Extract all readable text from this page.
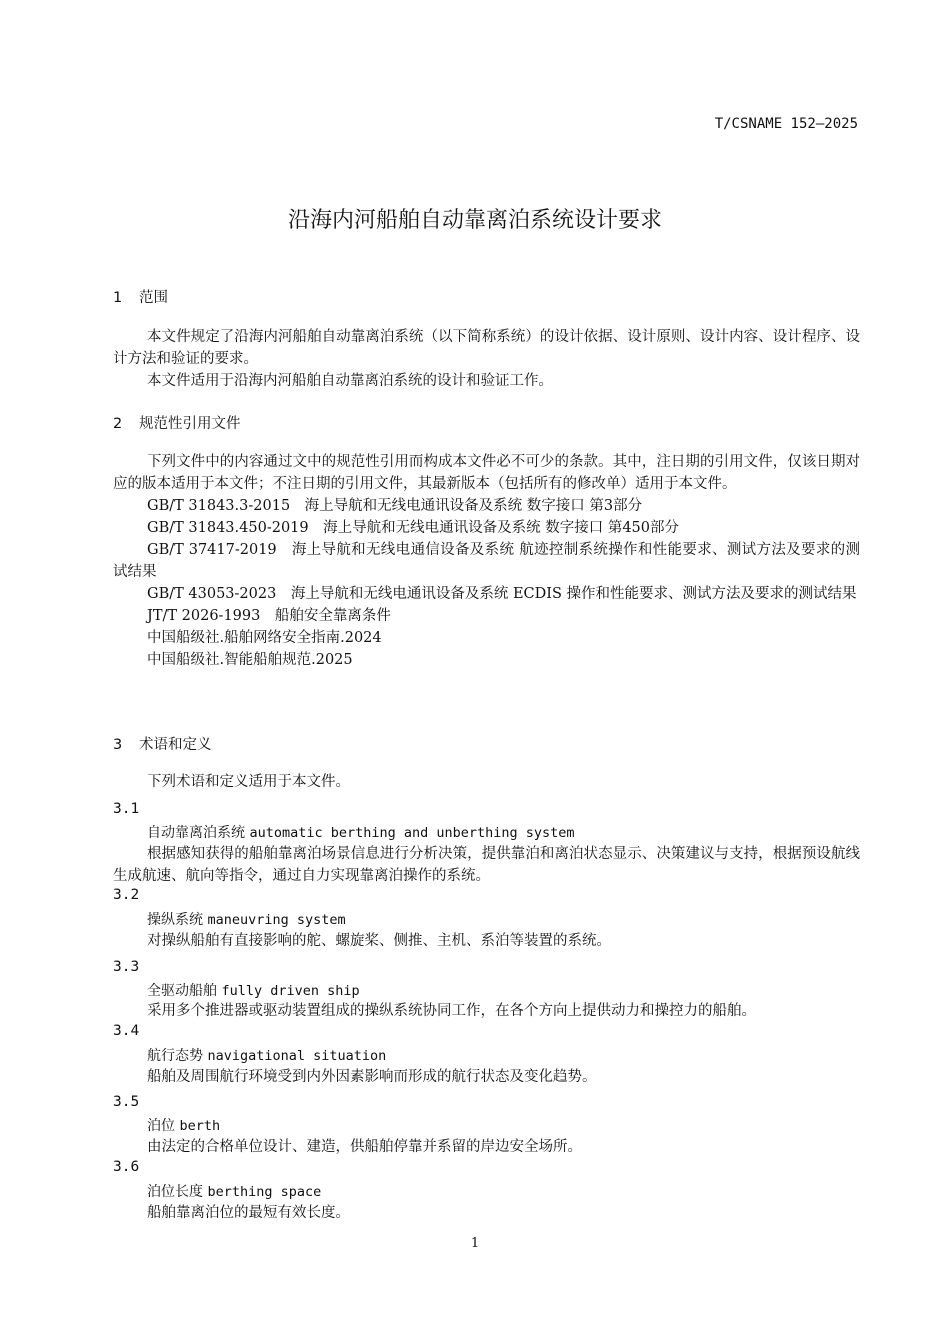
T/CSNAME 152—2025
沿海内河船舶自动靠离泊系统设计要求
1 范围

本文件规定了沿海内河船舶自动靠离泊系统（以下简称系统）的设计依据、设计原则、设计内容、设计程序、设计方法和验证的要求。

本文件适用于沿海内河船舶自动靠离泊系统的设计和验证工作。

2 规范性引用文件

下列文件中的内容通过文中的规范性引用而构成本文件必不可少的条款。其中，注日期的引用文件，仅该日期对应的版本适用于本文件；不注日期的引用文件，其最新版本（包括所有的修改单）适用于本文件。

GB/T 31843.3-2015　海上导航和无线电通讯设备及系统 数字接口 第3部分

GB/T 31843.450-2019　海上导航和无线电通讯设备及系统 数字接口 第450部分

GB/T 37417-2019　海上导航和无线电通信设备及系统 航迹控制系统操作和性能要求、测试方法及要求的测试结果

GB/T 43053-2023　海上导航和无线电通讯设备及系统 ECDIS 操作和性能要求、测试方法及要求的测试结果

JT/T 2026-1993　船舶安全靠离条件

中国船级社.船舶网络安全指南.2024

中国船级社.智能船舶规范.2025

3 术语和定义

下列术语和定义适用于本文件。

3.1
自动靠离泊系统 automatic berthing and unberthing system

根据感知获得的船舶靠离泊场景信息进行分析决策，提供靠泊和离泊状态显示、决策建议与支持，根据预设航线生成航速、航向等指令，通过自力实现靠离泊操作的系统。

3.2
操纵系统 maneuvring system

对操纵船舶有直接影响的舵、螺旋桨、侧推、主机、系泊等装置的系统。

3.3
全驱动船舶 fully driven ship

采用多个推进器或驱动装置组成的操纵系统协同工作，在各个方向上提供动力和操控力的船舶。

3.4
航行态势 navigational situation

船舶及周围航行环境受到内外因素影响而形成的航行状态及变化趋势。

3.5
泊位 berth

由法定的合格单位设计、建造，供船舶停靠并系留的岸边安全场所。

3.6
泊位长度 berthing space

船舶靠离泊位的最短有效长度。

1
